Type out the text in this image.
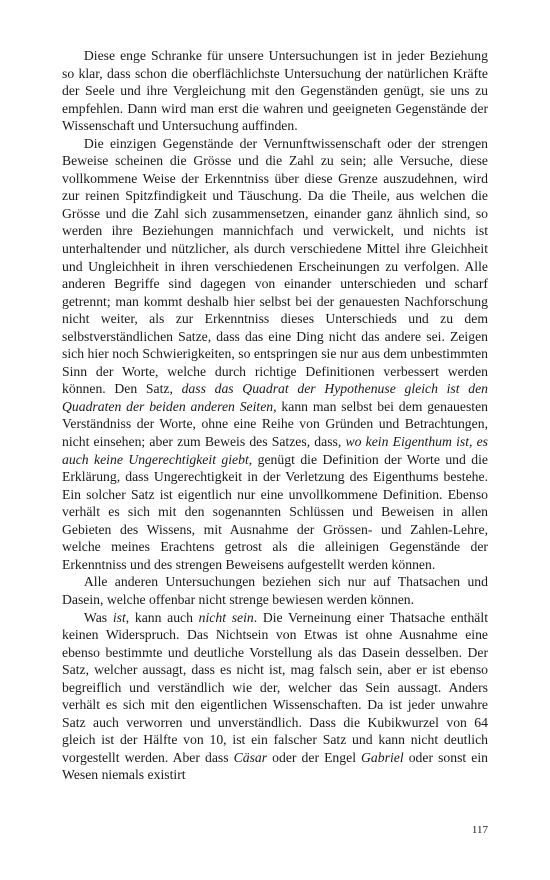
Diese enge Schranke für unsere Untersuchungen ist in jeder Beziehung so klar, dass schon die oberflächlichste Untersuchung der natürlichen Kräfte der Seele und ihre Vergleichung mit den Gegenständen genügt, sie uns zu empfehlen. Dann wird man erst die wahren und geeigneten Gegenstände der Wissenschaft und Untersuchung auffinden.

Die einzigen Gegenstände der Vernunftwissenschaft oder der strengen Beweise scheinen die Grösse und die Zahl zu sein; alle Versuche, diese vollkommene Weise der Erkenntniss über diese Grenze auszudehnen, wird zur reinen Spitzfindigkeit und Täuschung. Da die Theile, aus welchen die Grösse und die Zahl sich zusammensetzen, einander ganz ähnlich sind, so werden ihre Beziehungen mannichfach und verwickelt, und nichts ist unterhaltender und nützlicher, als durch verschiedene Mittel ihre Gleichheit und Ungleichheit in ihren verschiedenen Erscheinungen zu verfolgen. Alle anderen Begriffe sind dagegen von einander unterschieden und scharf getrennt; man kommt deshalb hier selbst bei der genauesten Nachforschung nicht weiter, als zur Erkenntniss dieses Unterschieds und zu dem selbstverständlichen Satze, dass das eine Ding nicht das andere sei. Zeigen sich hier noch Schwierigkeiten, so entspringen sie nur aus dem unbestimmten Sinn der Worte, welche durch richtige Definitionen verbessert werden können. Den Satz, dass das Quadrat der Hypothenuse gleich ist den Quadraten der beiden anderen Seiten, kann man selbst bei dem genauesten Verständniss der Worte, ohne eine Reihe von Gründen und Betrachtungen, nicht einsehen; aber zum Beweis des Satzes, dass, wo kein Eigenthum ist, es auch keine Ungerechtigkeit giebt, genügt die Definition der Worte und die Erklärung, dass Ungerechtigkeit in der Verletzung des Eigenthums bestehe. Ein solcher Satz ist eigentlich nur eine unvollkommene Definition. Ebenso verhält es sich mit den sogenannten Schlüssen und Beweisen in allen Gebieten des Wissens, mit Ausnahme der Grössen- und Zahlen-Lehre, welche meines Erachtens getrost als die alleinigen Gegenstände der Erkenntniss und des strengen Beweisens aufgestellt werden können.

Alle anderen Untersuchungen beziehen sich nur auf Thatsachen und Dasein, welche offenbar nicht strenge bewiesen werden können.

Was ist, kann auch nicht sein. Die Verneinung einer Thatsache enthält keinen Widerspruch. Das Nichtsein von Etwas ist ohne Ausnahme eine ebenso bestimmte und deutliche Vorstellung als das Dasein desselben. Der Satz, welcher aussagt, dass es nicht ist, mag falsch sein, aber er ist ebenso begreiflich und verständlich wie der, welcher das Sein aussagt. Anders verhält es sich mit den eigentlichen Wissenschaften. Da ist jeder unwahre Satz auch verworren und unverständlich. Dass die Kubikwurzel von 64 gleich ist der Hälfte von 10, ist ein falscher Satz und kann nicht deutlich vorgestellt werden. Aber dass Cäsar oder der Engel Gabriel oder sonst ein Wesen niemals existirt

117
